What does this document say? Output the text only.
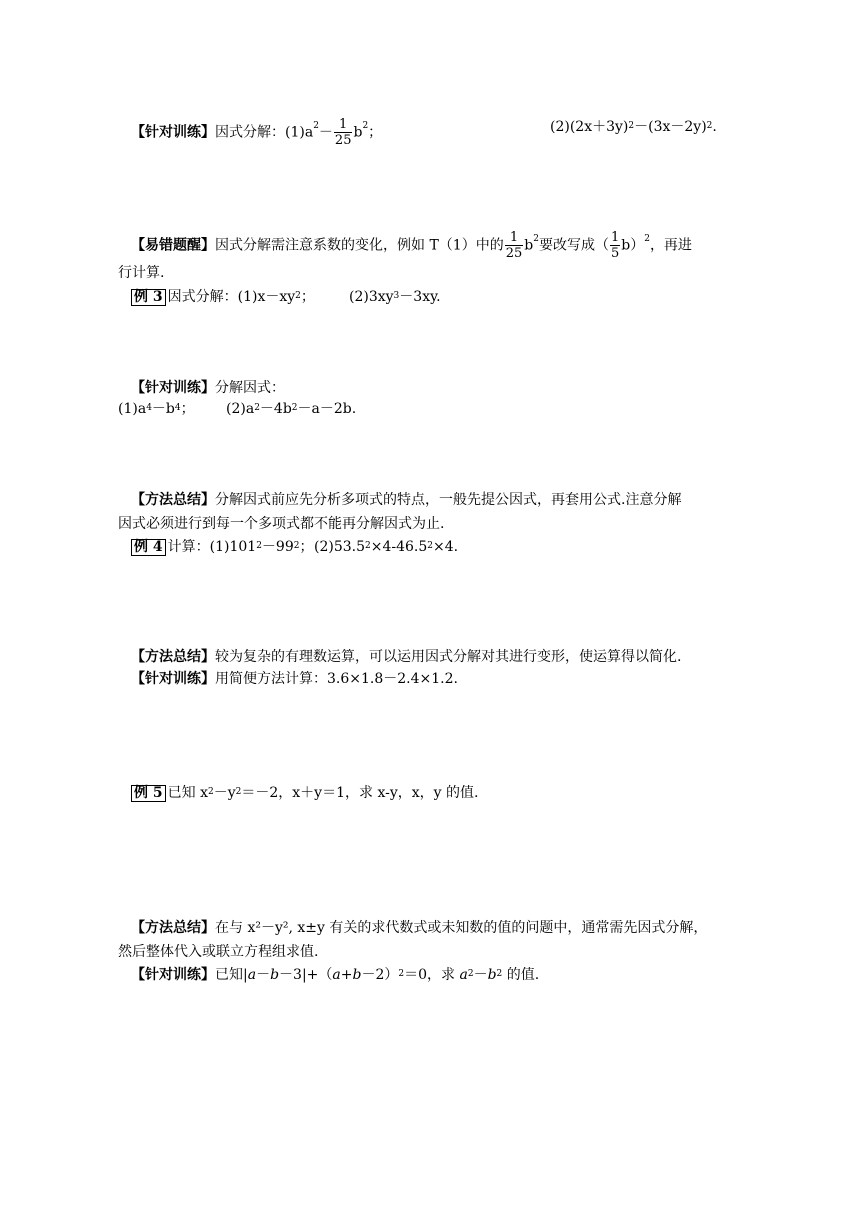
【针对训练】因式分解：$(1)a^2- \frac{1}{25} b^2$；	$(2)(2x+3y)^2-(3x-2y)^2$.
【易错题醒】因式分解需注意系数的变化，例如 T（1）中的 $\frac{1}{25} b^2$要改写成（ $\frac{1}{5} b)^2$，再进
行计算.
例 3 因式分解：$(1)x-xy^2$； $(2)3xy^3-3xy$.
【针对训练】分解因式：
$(1)a^4-b^4$； $(2)a^2-4b^2-a-2b$.
【方法总结】分解因式前应先分析多项式的特点，一般先提公因式，再套用公式.注意分解
因式必须进行到每一个多项式都不能再分解因式为止.
例 4 计算：$(1)101^2-99^2$； $(2)53.5^2\times 4-46.5^2\times 4$.
【方法总结】较为复杂的有理数运算，可以运用因式分解对其进行变形，使运算得以简化.
【针对训练】用简便方法计算：3.6×1.8－2.4×1.2.
例 5 已知 $x^2-y^2=-2$，x＋y＝1，求 x-y，x，y 的值.
【方法总结】在与 x²－y², x±y 有关的求代数式或未知数的值的问题中，通常需先因式分解，
然后整体代入或联立方程组求值.
【针对训练】已知$|a-b-3|+(a+b-2)^2=0$，求 $a^2-b^2$ 的值.
